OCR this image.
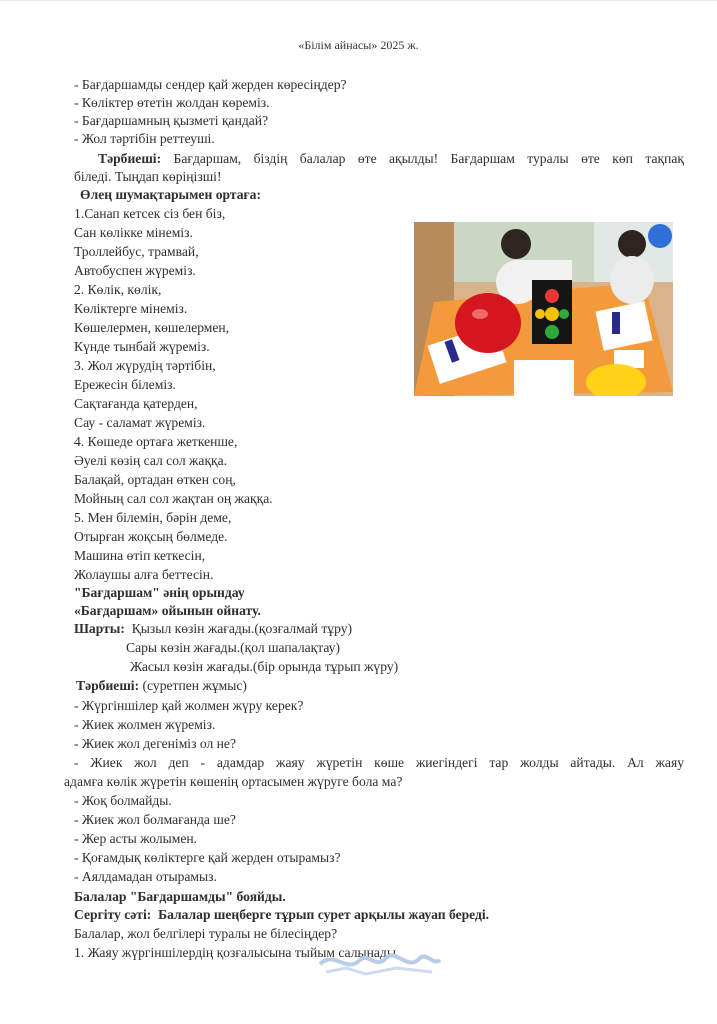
«Білім айнасы» 2025 ж.
- Бағдаршамды сендер қай жерден көресіңдер?
- Көліктер өтетін жолдан көреміз.
- Бағдаршамның қызметі қандай?
- Жол тәртібін реттеуші.
Тәрбиеші: Бағдаршам, біздің балалар өте ақылды! Бағдаршам туралы өте көп тақпақ
біледі. Тыңдап көріңізші!
Өлең шумақтарымен ортаға:
1.Санап кетсек сіз бен біз,
Сан көлікке мінеміз.
Троллейбус, трамвай,
Автобуспен жүреміз.
2. Көлік, көлік,
Көліктерге мінеміз.
Көшелермен, көшелермен,
Күнде тынбай жүреміз.
3. Жол жүрудің тәртібін,
Ережесін білеміз.
Сақтағанда қатерден,
Сау - саламат жүреміз.
4. Көшеде ортаға жеткенше,
Әуелі көзің сал сол жаққа.
Балақай, ортадан өткен соң,
Мойның сал сол жақтан оң жаққа.
5. Мен білемін, бәрін деме,
Отырған жоқсың бөлмеде.
Машина өтіп кеткесін,
Жолаушы алға беттесін.
"Бағдаршам" әнің орындау
«Бағдаршам» ойынын ойнату.
Шарты: Қызыл көзін жағады.(қозғалмай тұру)
Сары көзін жағады.(қол шапалақтау)
Жасыл көзін жағады.(бір орында тұрып жүру)
Тәрбиеші: (суретпен жұмыс)
- Жүргіншілер қай жолмен жүру керек?
- Жиек жолмен жүреміз.
- Жиек жол дегеніміз ол не?
- Жиек жол деп - адамдар жаяу жүретін көше жиегіндегі тар жолды айтады. Ал жаяу
адамға көлік жүретін көшенің ортасымен жүруге бола ма?
- Жоқ болмайды.
- Жиек жол болмағанда ше?
- Жер асты жолымен.
- Қоғамдық көліктерге қай жерден отырамыз?
- Аялдамадан отырамыз.
Балалар "Бағдаршамды" бояйды.
Сергіту сәті: Балалар шеңберге тұрып сурет арқылы жауап береді.
Балалар, жол белгілері туралы не білесіңдер?
1. Жаяу жүргіншілердің қозғалысына тыйым салынады.
